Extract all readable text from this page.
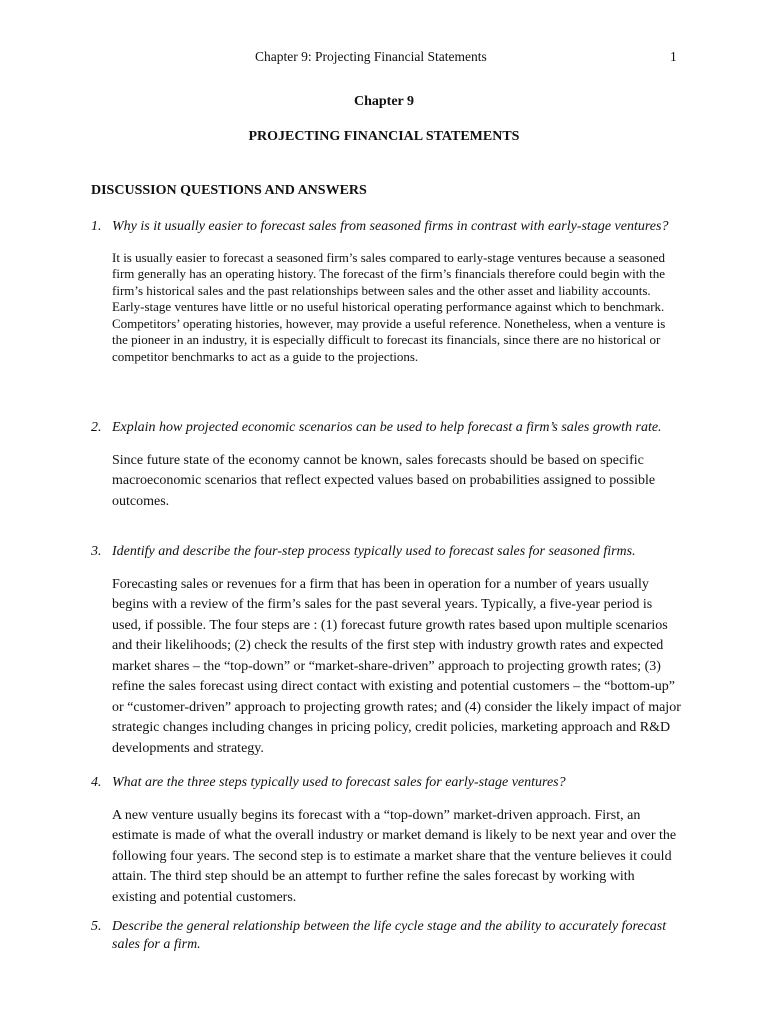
Chapter 9: Projecting Financial Statements	1
Chapter 9
PROJECTING FINANCIAL STATEMENTS
DISCUSSION QUESTIONS AND ANSWERS
1. Why is it usually easier to forecast sales from seasoned firms in contrast with early-stage ventures?
It is usually easier to forecast a seasoned firm’s sales compared to early-stage ventures because a seasoned firm generally has an operating history. The forecast of the firm’s financials therefore could begin with the firm’s historical sales and the past relationships between sales and the other asset and liability accounts. Early-stage ventures have little or no useful historical operating performance against which to benchmark. Competitors’ operating histories, however, may provide a useful reference. Nonetheless, when a venture is the pioneer in an industry, it is especially difficult to forecast its financials, since there are no historical or competitor benchmarks to act as a guide to the projections.
2. Explain how projected economic scenarios can be used to help forecast a firm’s sales growth rate.
Since future state of the economy cannot be known, sales forecasts should be based on specific macroeconomic scenarios that reflect expected values based on probabilities assigned to possible outcomes.
3. Identify and describe the four-step process typically used to forecast sales for seasoned firms.
Forecasting sales or revenues for a firm that has been in operation for a number of years usually begins with a review of the firm’s sales for the past several years. Typically, a five-year period is used, if possible. The four steps are : (1) forecast future growth rates based upon multiple scenarios and their likelihoods; (2) check the results of the first step with industry growth rates and expected market shares – the “top-down” or “market-share-driven” approach to projecting growth rates; (3) refine the sales forecast using direct contact with existing and potential customers – the “bottom-up” or “customer-driven” approach to projecting growth rates; and (4) consider the likely impact of major strategic changes including changes in pricing policy, credit policies, marketing approach and R&D developments and strategy.
4. What are the three steps typically used to forecast sales for early-stage ventures?
A new venture usually begins its forecast with a “top-down” market-driven approach. First, an estimate is made of what the overall industry or market demand is likely to be next year and over the following four years. The second step is to estimate a market share that the venture believes it could attain. The third step should be an attempt to further refine the sales forecast by working with existing and potential customers.
5. Describe the general relationship between the life cycle stage and the ability to accurately forecast sales for a firm.
